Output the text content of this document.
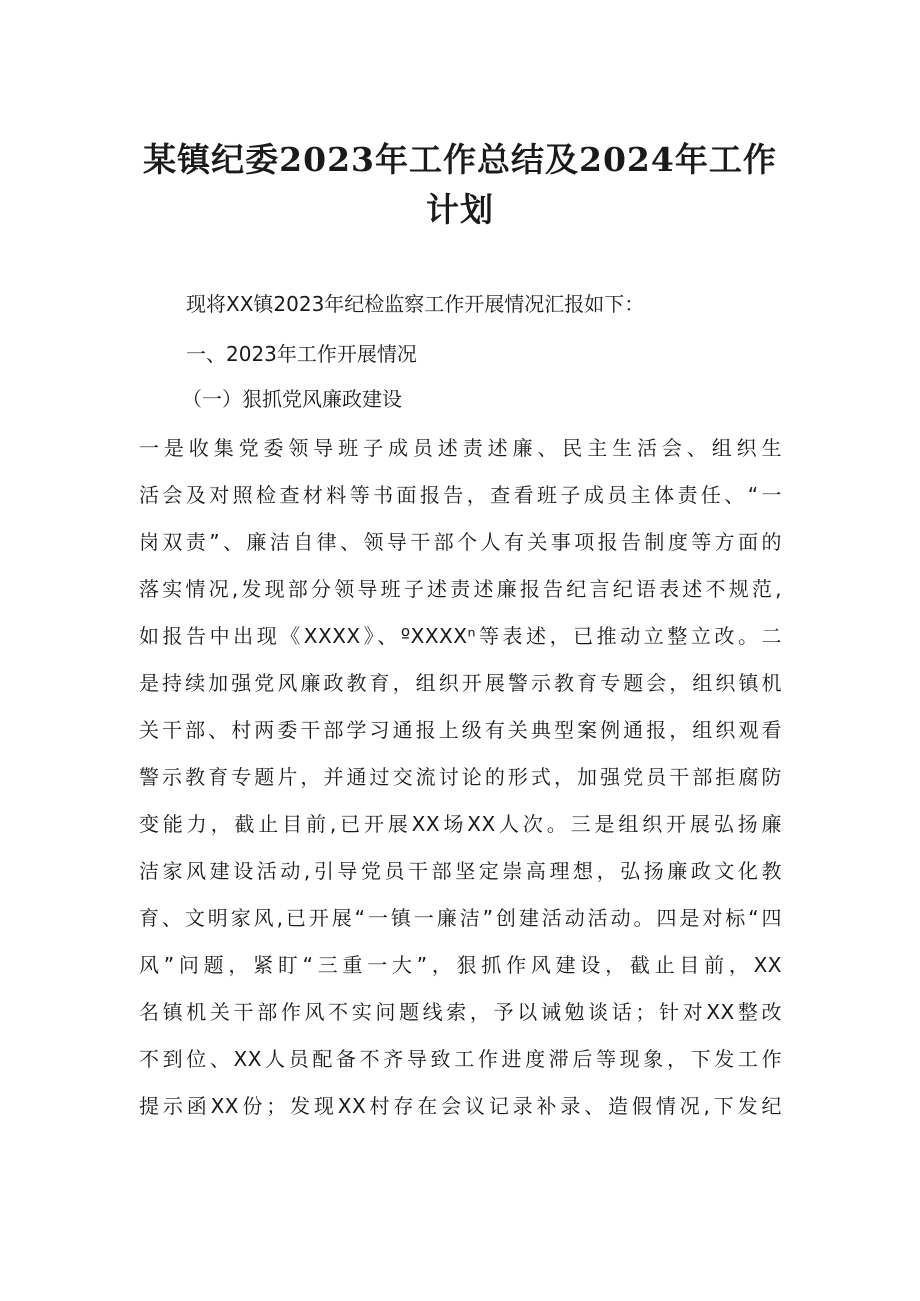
某镇纪委2023年工作总结及2024年工作
计划
现将XX镇2023年纪检监察工作开展情况汇报如下：
一、2023年工作开展情况
（一）狠抓党风廉政建设
一是收集党委领导班子成员述责述廉、民主生活会、组织生
活会及对照检查材料等书面报告，查看班子成员主体责任、“一
岗双责”、廉洁自律、领导干部个人有关事项报告制度等方面的
落实情况,发现部分领导班子述责述廉报告纪言纪语表述不规范,
如报告中出现《XXXX》、ºXXXXⁿ等表述，已推动立整立改。二
是持续加强党风廉政教育，组织开展警示教育专题会，组织镇机
关干部、村两委干部学习通报上级有关典型案例通报，组织观看
警示教育专题片，并通过交流讨论的形式，加强党员干部拒腐防
变能力，截止目前,已开展XX场XX人次。三是组织开展弘扬廉
洁家风建设活动,引导党员干部坚定崇高理想，弘扬廉政文化教
育、文明家风,已开展“一镇一廉洁”创建活动活动。四是对标“四
风”问题，紧盯“三重一大”，狠抓作风建设，截止目前，XX
名镇机关干部作风不实问题线索，予以诫勉谈话；针对XX整改
不到位、XX人员配备不齐导致工作进度滞后等现象，下发工作
提示函XX份；发现XX村存在会议记录补录、造假情况,下发纪
